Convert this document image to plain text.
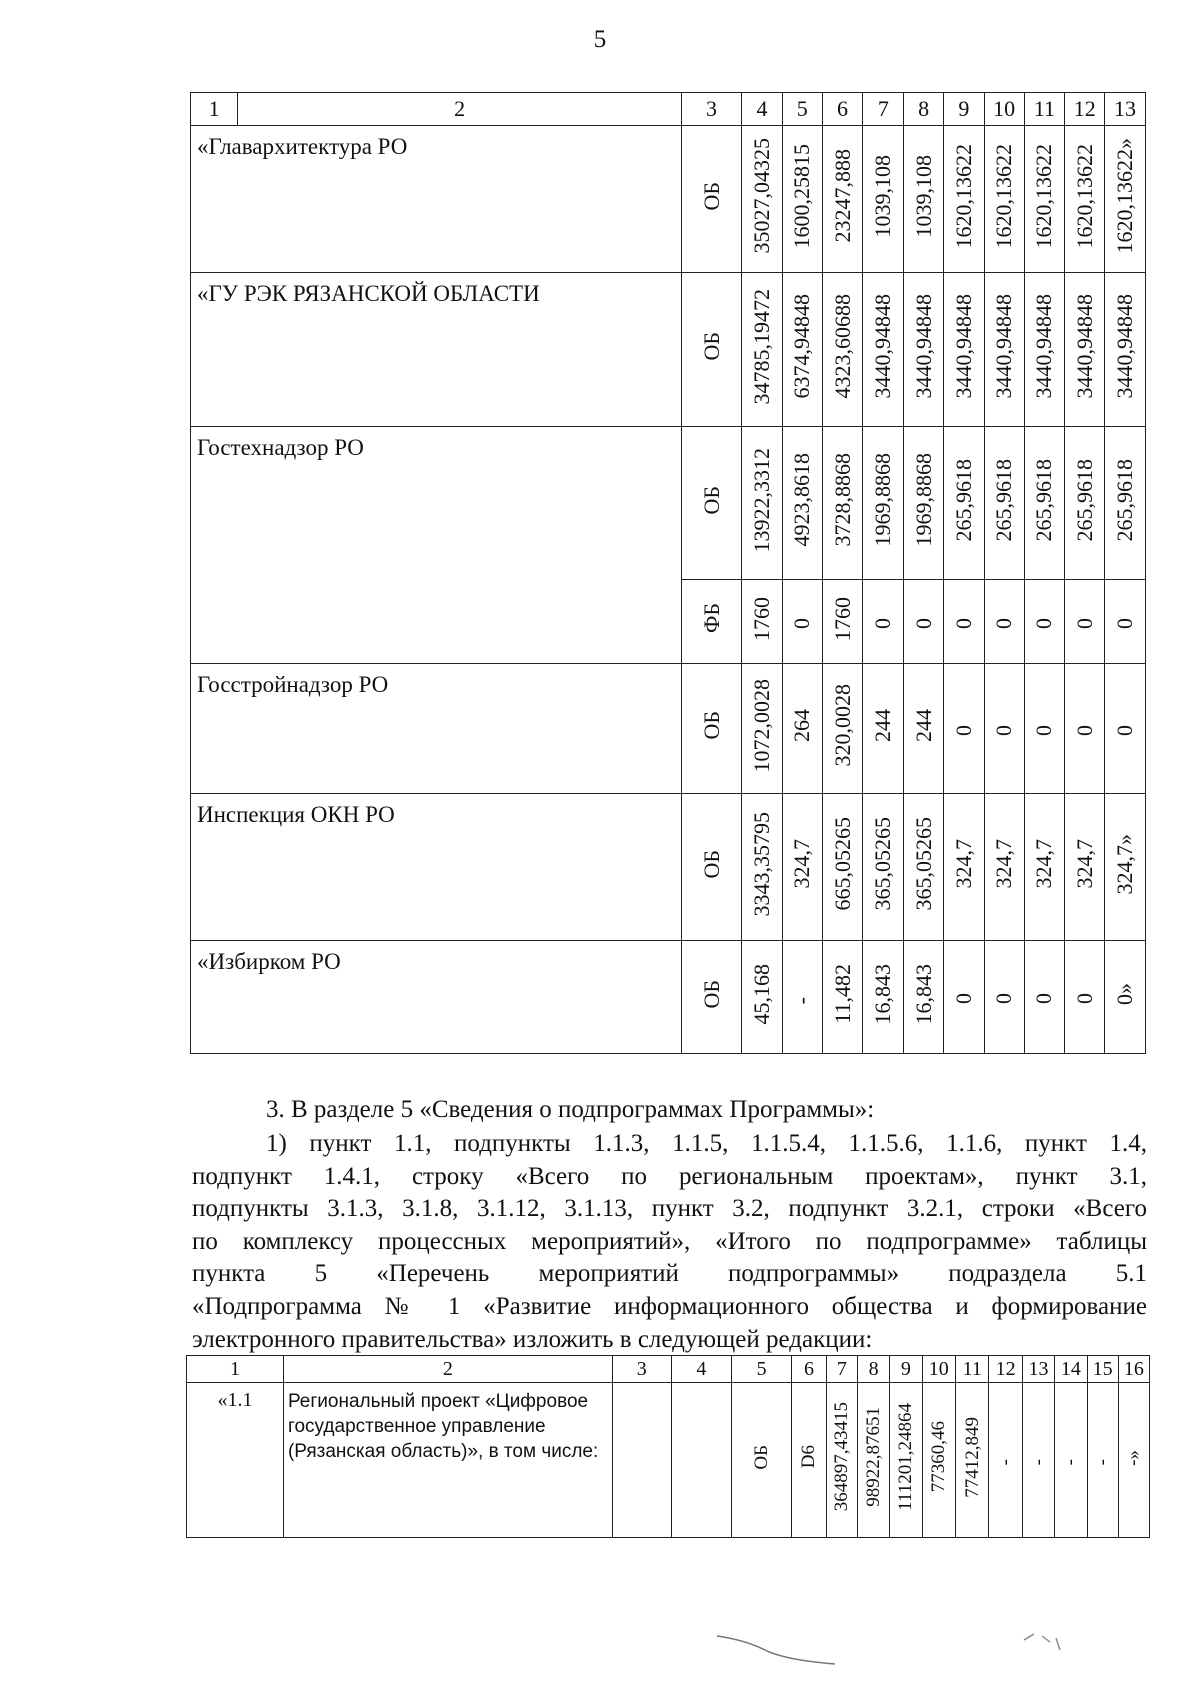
5
1	2	3	4	5	6	7	8	9	10	11	12	13
«Главархитектура РО		ОБ	35027,04325	1600,25815	23247,888	1039,108	1039,108	1620,13622	1620,13622	1620,13622	1620,13622	1620,13622»
«ГУ РЭК РЯЗАНСКОЙ ОБЛАСТИ		ОБ	34785,19472	6374,94848	4323,60688	3440,94848	3440,94848	3440,94848	3440,94848	3440,94848	3440,94848	3440,94848
Гостехнадзор РО		ОБ	13922,3312	4923,8618	3728,8868	1969,8868	1969,8868	265,9618	265,9618	265,9618	265,9618	265,9618
		ФБ	1760	0	1760	0	0	0	0	0	0	0
Госстройнадзор РО		ОБ	1072,0028	264	320,0028	244	244	0	0	0	0	0
Инспекция ОКН РО		ОБ	3343,35795	324,7	665,05265	365,05265	365,05265	324,7	324,7	324,7	324,7	324,7»
«Избирком РО		ОБ	45,168	-	11,482	16,843	16,843	0	0	0	0	0»
3. В разделе 5 «Сведения о подпрограммах Программы»:
1) пункт 1.1, подпункты 1.1.3, 1.1.5, 1.1.5.4, 1.1.5.6, 1.1.6, пункт 1.4,
подпункт 1.4.1, строку «Всего по региональным проектам», пункт 3.1,
подпункты 3.1.3, 3.1.8, 3.1.12, 3.1.13, пункт 3.2, подпункт 3.2.1, строки «Всего
по комплексу процессных мероприятий», «Итого по подпрограмме» таблицы
пункта 5 «Перечень мероприятий подпрограммы» подраздела 5.1
«Подпрограмма № 1 «Развитие информационного общества и формирование
электронного правительства» изложить в следующей редакции:
1	2	3	4	5	6	7	8	9	10	11	12	13	14	15	16
«1.1	Региональный проект «Цифровое государственное управление (Рязанская область)», в том числе:			ОБ	D6	364897,43415	98922,87651	111201,24864	77360,46	77412,849	-	-	-	-	-»
